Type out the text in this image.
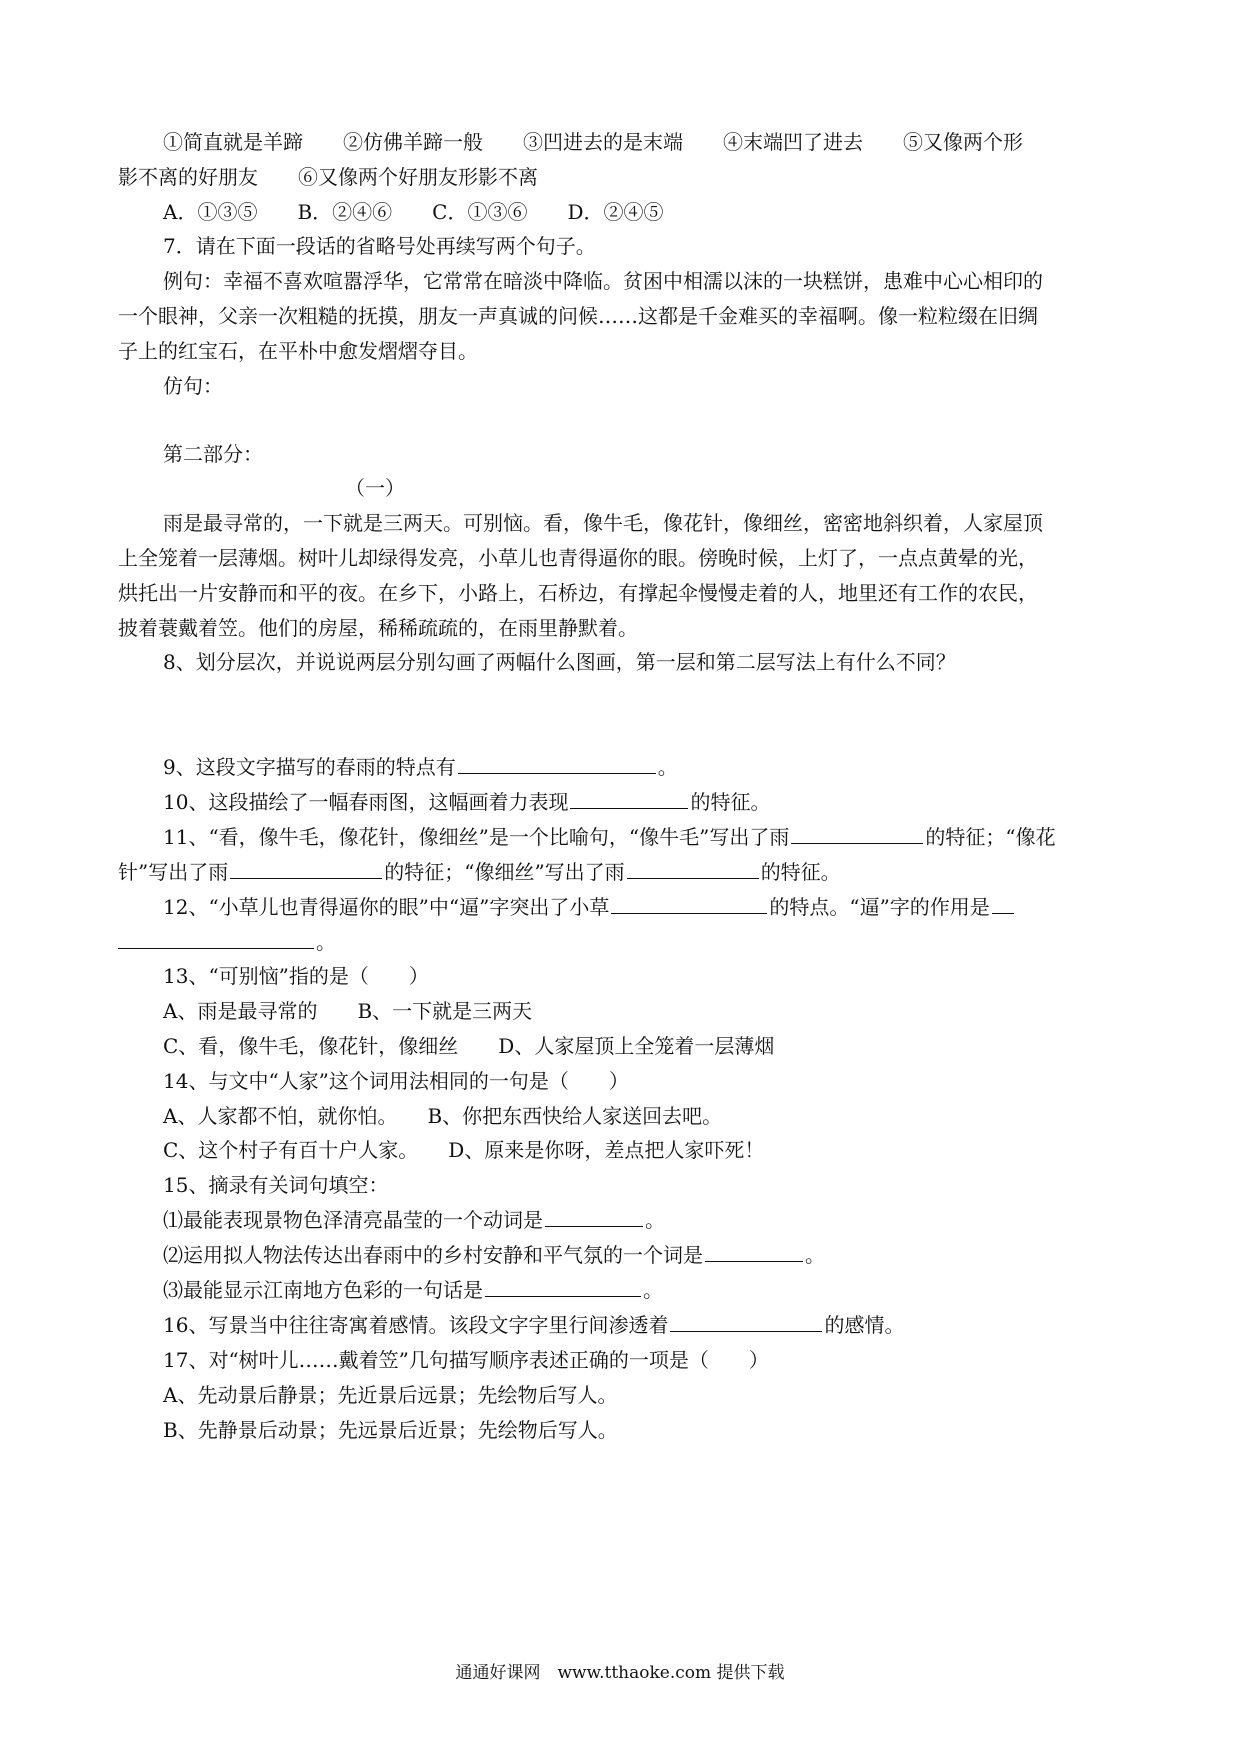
①简直就是羊蹄　　②仿佛羊蹄一般　　③凹进去的是末端　　④末端凹了进去　　⑤又像两个形
影不离的好朋友　　⑥又像两个好朋友形影不离
A．①③⑤　　B．②④⑥　　C．①③⑥　　D．②④⑤
7．请在下面一段话的省略号处再续写两个句子。
例句：幸福不喜欢喧嚣浮华，它常常在暗淡中降临。贫困中相濡以沫的一块糕饼，患难中心心相印的
一个眼神，父亲一次粗糙的抚摸，朋友一声真诚的问候……这都是千金难买的幸福啊。像一粒粒缀在旧绸
子上的红宝石，在平朴中愈发熠熠夺目。
仿句：
第二部分：
（一）
雨是最寻常的，一下就是三两天。可别恼。看，像牛毛，像花针，像细丝，密密地斜织着，人家屋顶
上全笼着一层薄烟。树叶儿却绿得发亮，小草儿也青得逼你的眼。傍晚时候，上灯了，一点点黄晕的光，
烘托出一片安静而和平的夜。在乡下，小路上，石桥边，有撑起伞慢慢走着的人，地里还有工作的农民，
披着蓑戴着笠。他们的房屋，稀稀疏疏的，在雨里静默着。
8、划分层次，并说说两层分别勾画了两幅什么图画，第一层和第二层写法上有什么不同？
9、这段文字描写的春雨的特点有	。
10、这段描绘了一幅春雨图，这幅画着力表现	的特征。
11、“看，像牛毛，像花针，像细丝”是一个比喻句，“像牛毛”写出了雨	的特征；“像花
针”写出了雨	的特征；“像细丝”写出了雨	的特征。
12、“小草儿也青得逼你的眼”中“逼”字突出了小草	的特点。“逼”字的作用是
。
13、“可别恼”指的是（　　）
A、雨是最寻常的　　B、一下就是三两天
C、看，像牛毛，像花针，像细丝　　D、人家屋顶上全笼着一层薄烟
14、与文中“人家”这个词用法相同的一句是（　　）
A、人家都不怕，就你怕。　　B、你把东西快给人家送回去吧。
C、这个村子有百十户人家。　　D、原来是你呀，差点把人家吓死！
15、摘录有关词句填空：
⑴最能表现景物色泽清亮晶莹的一个动词是	。
⑵运用拟人物法传达出春雨中的乡村安静和平气氛的一个词是	。
⑶最能显示江南地方色彩的一句话是	。
16、写景当中往往寄寓着感情。该段文字字里行间渗透着	的感情。
17、对“树叶儿……戴着笠”几句描写顺序表述正确的一项是（　　）
A、先动景后静景；先近景后远景；先绘物后写人。
B、先静景后动景；先远景后近景；先绘物后写人。
通通好课网　www.tthaoke.com 提供下载
